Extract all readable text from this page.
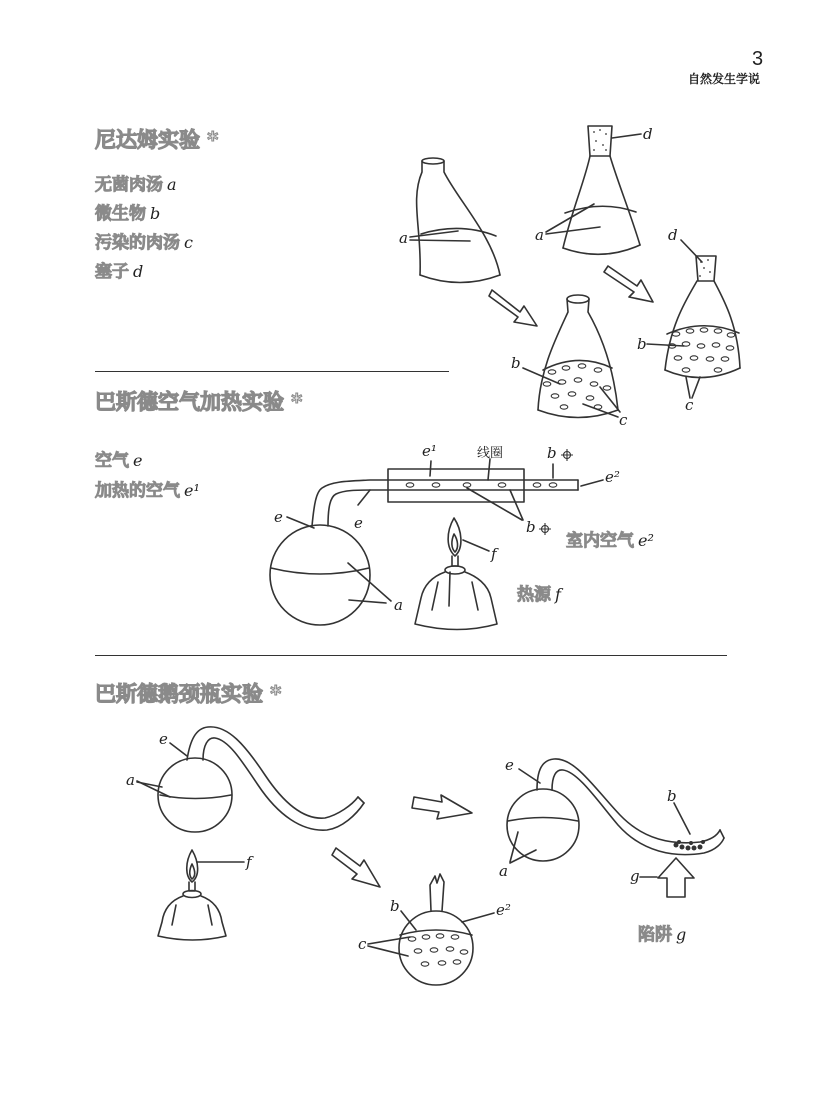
3
自然发生学说
尼达姆实验 *
巴斯德空气加热实验 *
巴斯德鹅颈瓶实验 *
无菌肉汤 a
微生物 b
污染的肉汤 c
塞子 d
空气 e
加热的空气 e¹
室内空气 e²
热源 f
陷阱 g
a	a
d
d
b
b
c
c
e¹	线圈	b
e²
e	e	b
f
a
e
a
f
e
b
a	g
b	e²
c
